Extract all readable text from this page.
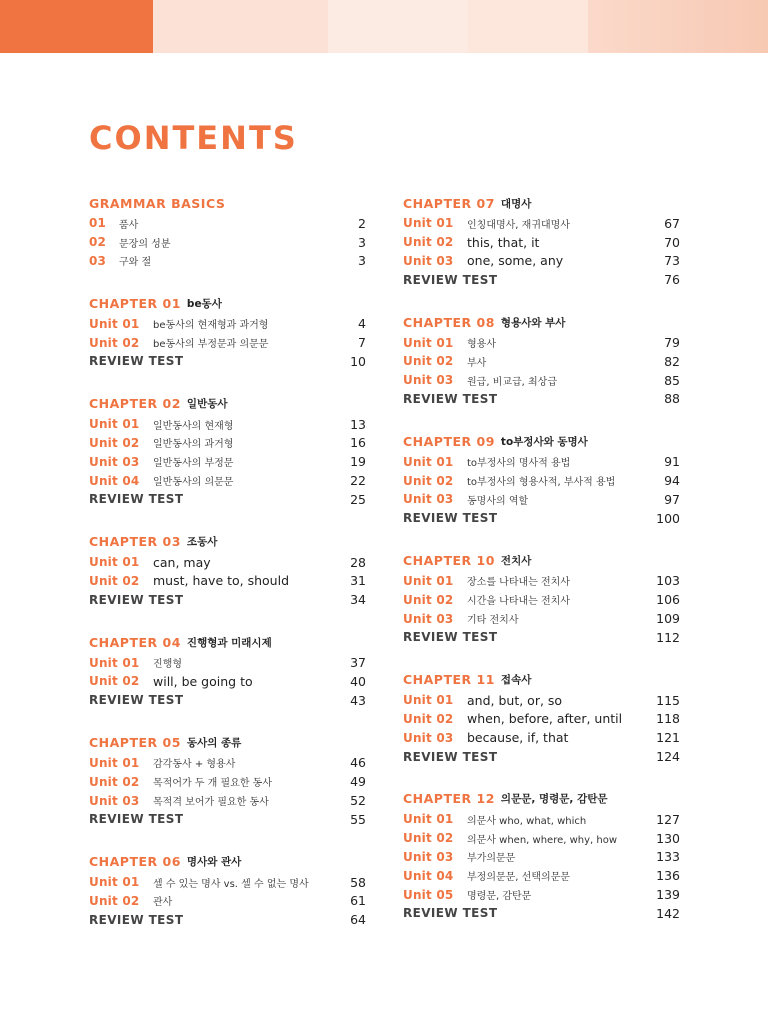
CONTENTS
GRAMMAR BASICS
01	품사	2
02	문장의 성분	3
03	구와 절	3
CHAPTER 01 be동사
Unit 01	be동사의 현재형과 과거형	4
Unit 02	be동사의 부정문과 의문문	7
REVIEW TEST	10
CHAPTER 02 일반동사
Unit 01	일반동사의 현재형	13
Unit 02	일반동사의 과거형	16
Unit 03	일반동사의 부정문	19
Unit 04	일반동사의 의문문	22
REVIEW TEST	25
CHAPTER 03 조동사
Unit 01	can, may	28
Unit 02	must, have to, should	31
REVIEW TEST	34
CHAPTER 04 진행형과 미래시제
Unit 01	진행형	37
Unit 02	will, be going to	40
REVIEW TEST	43
CHAPTER 05 동사의 종류
Unit 01	감각동사 + 형용사	46
Unit 02	목적어가 두 개 필요한 동사	49
Unit 03	목적격 보어가 필요한 동사	52
REVIEW TEST	55
CHAPTER 06 명사와 관사
Unit 01	셀 수 있는 명사 vs. 셀 수 없는 명사	58
Unit 02	관사	61
REVIEW TEST	64
CHAPTER 07 대명사
Unit 01	인칭대명사, 재귀대명사	67
Unit 02	this, that, it	70
Unit 03	one, some, any	73
REVIEW TEST	76
CHAPTER 08 형용사와 부사
Unit 01	형용사	79
Unit 02	부사	82
Unit 03	원급, 비교급, 최상급	85
REVIEW TEST	88
CHAPTER 09 to부정사와 동명사
Unit 01	to부정사의 명사적 용법	91
Unit 02	to부정사의 형용사적, 부사적 용법	94
Unit 03	동명사의 역할	97
REVIEW TEST	100
CHAPTER 10 전치사
Unit 01	장소를 나타내는 전치사	103
Unit 02	시간을 나타내는 전치사	106
Unit 03	기타 전치사	109
REVIEW TEST	112
CHAPTER 11 접속사
Unit 01	and, but, or, so	115
Unit 02	when, before, after, until	118
Unit 03	because, if, that	121
REVIEW TEST	124
CHAPTER 12 의문문, 명령문, 감탄문
Unit 01	의문사 who, what, which	127
Unit 02	의문사 when, where, why, how	130
Unit 03	부가의문문	133
Unit 04	부정의문문, 선택의문문	136
Unit 05	명령문, 감탄문	139
REVIEW TEST	142
